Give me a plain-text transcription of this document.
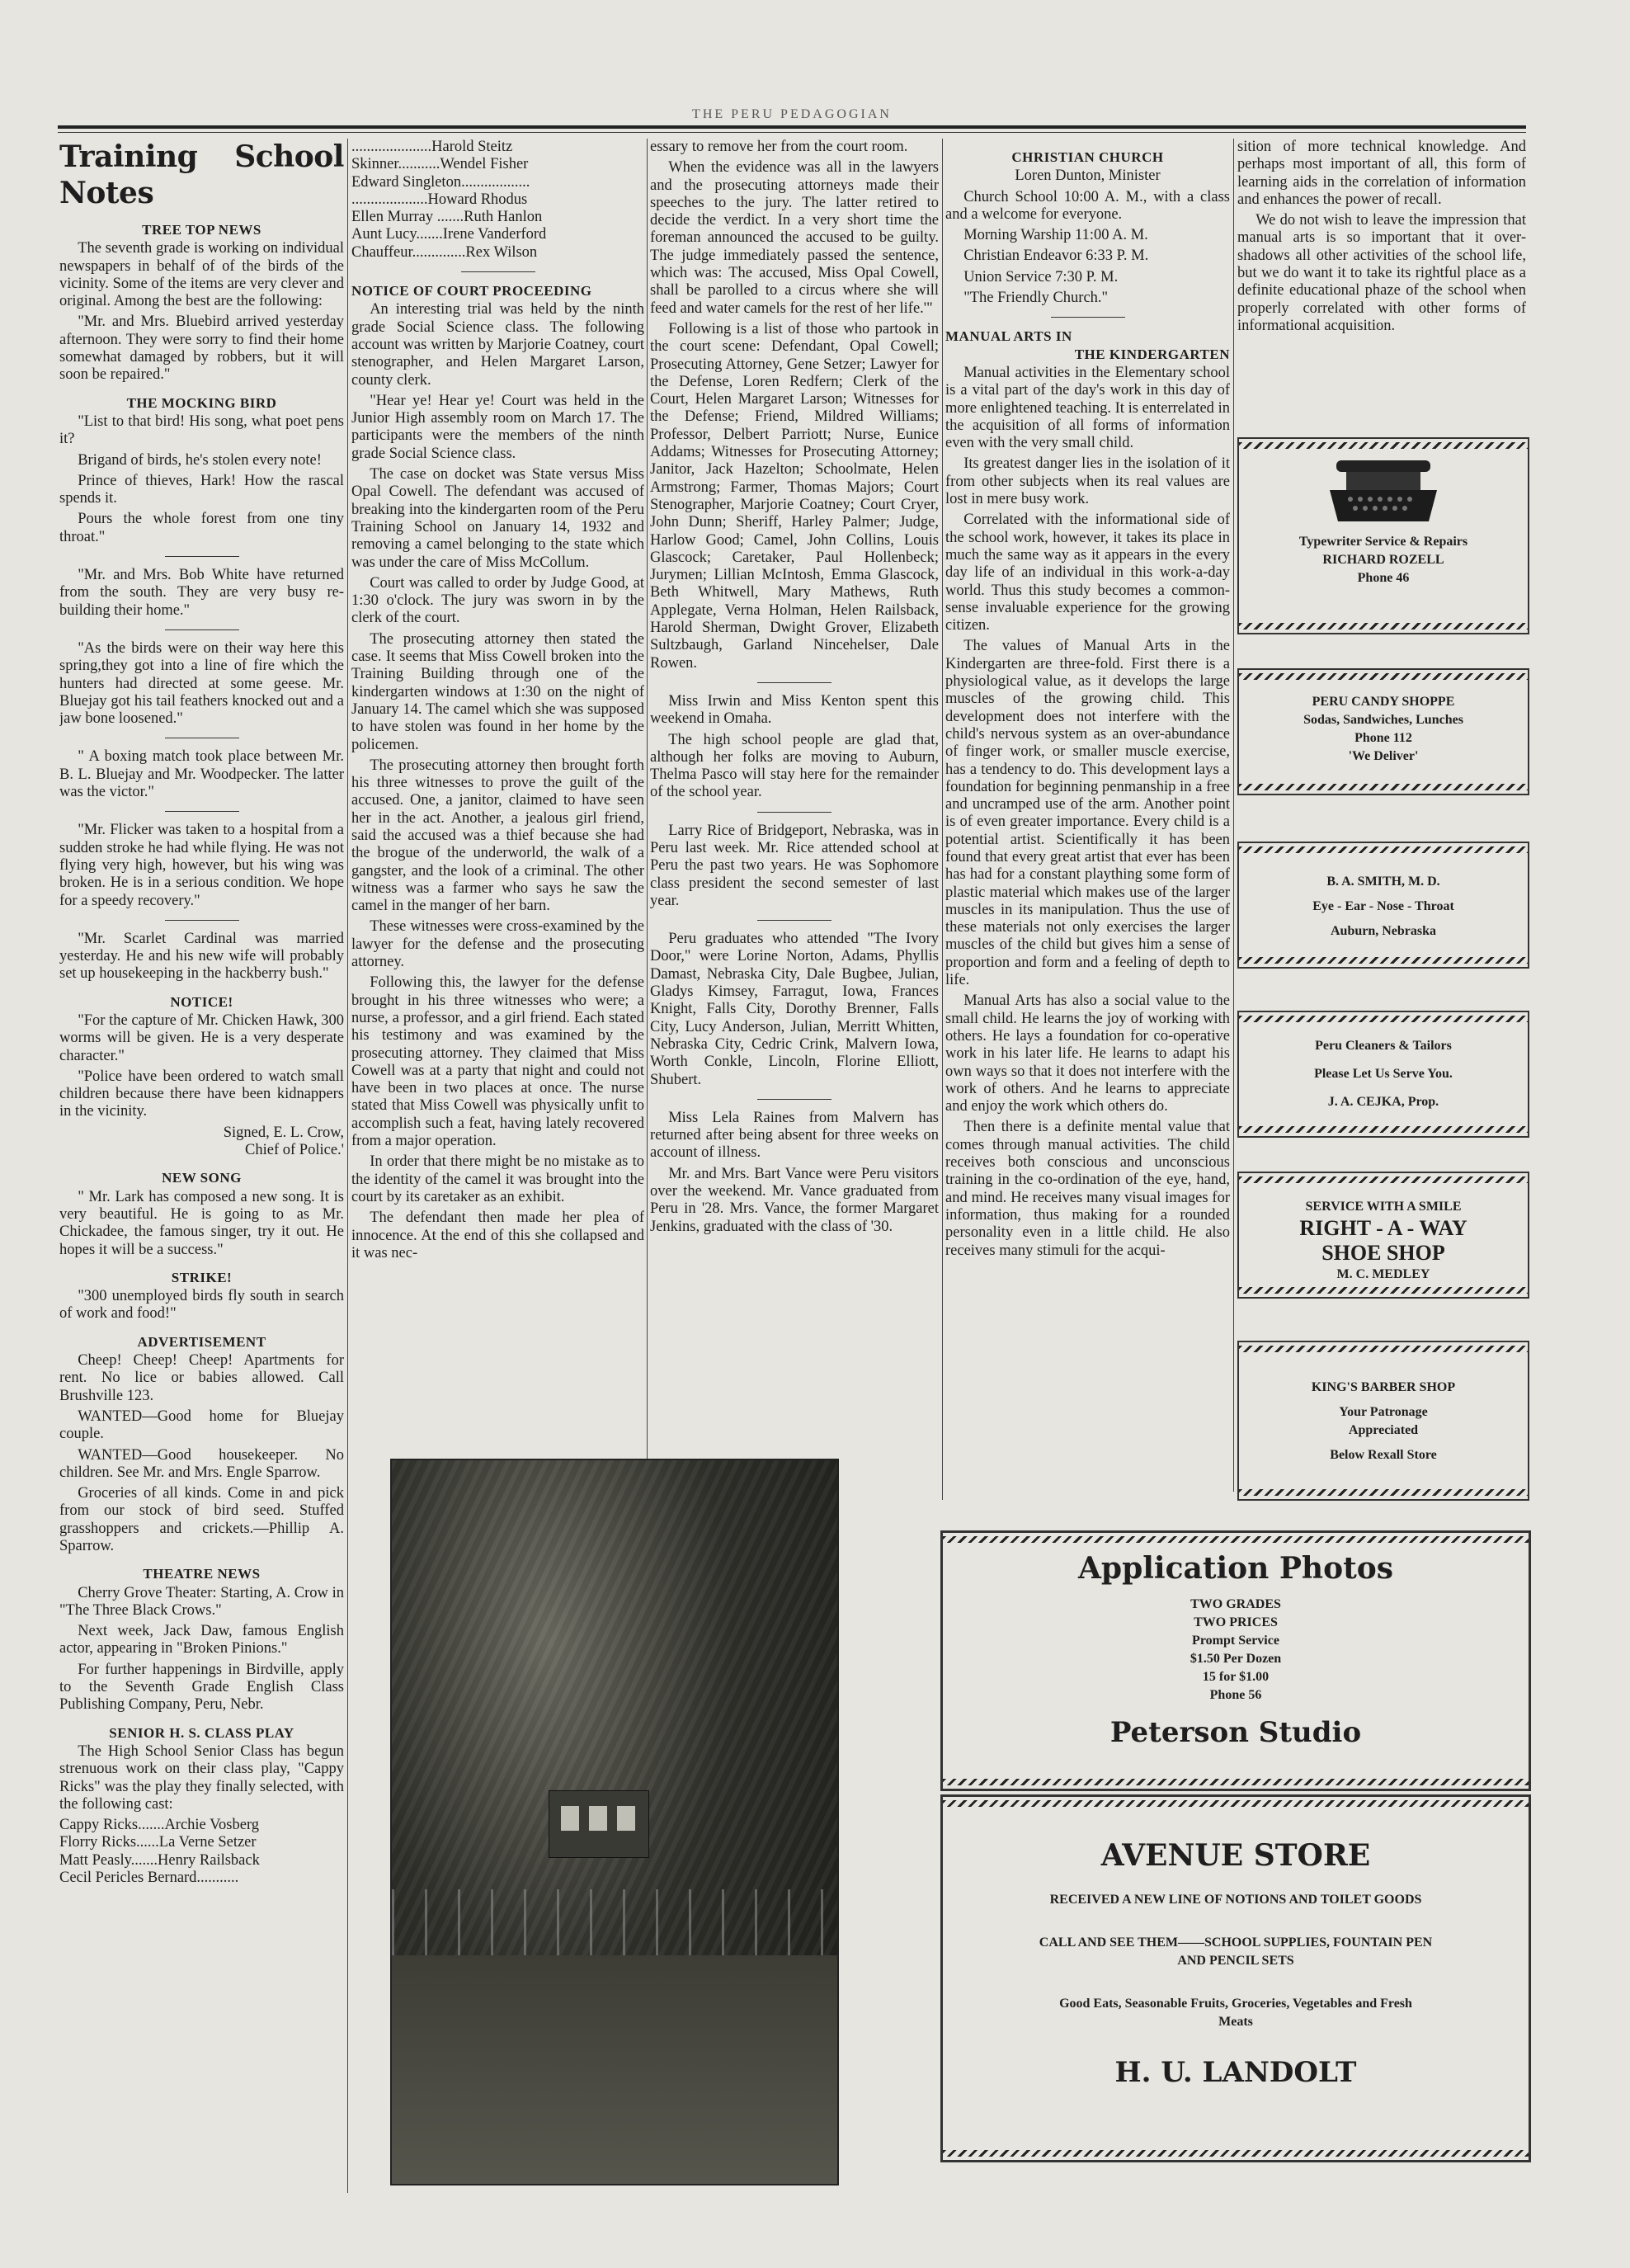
THE PERU PEDAGOGIAN
Training School Notes
TREE TOP NEWS

The seventh grade is working on individual newspapers in behalf of of the birds of the vicinity. Some of the items are very clever and original. Among the best are the following:

"Mr. and Mrs. Bluebird arrived yesterday afternoon. They were sorry to find their home somewhat damaged by robbers, but it will soon be repaired."

THE MOCKING BIRD

"List to that bird! His song, what poet pens it?

Brigand of birds, he's stolen every note!

Prince of thieves, Hark! How the rascal spends it.

Pours the whole forest from one tiny throat."

"Mr. and Mrs. Bob White have returned from the south. They are very busy re-building their home."

"As the birds were on their way here this spring,they got into a line of fire which the hunters had directed at some geese. Mr. Bluejay got his tail feathers knocked out and a jaw bone loosened."

" A boxing match took place between Mr. B. L. Bluejay and Mr. Woodpecker. The latter was the victor."

"Mr. Flicker was taken to a hospital from a sudden stroke he had while flying. He was not flying very high, however, but his wing was broken. He is in a serious condition. We hope for a speedy recovery."

"Mr. Scarlet Cardinal was married yesterday. He and his new wife will probably set up housekeeping in the hackberry bush."

NOTICE!

"For the capture of Mr. Chicken Hawk, 300 worms will be given. He is a very desperate character."

"Police have been ordered to watch small children because there have been kidnappers in the vicinity.

Signed, E. L. Crow,

Chief of Police.'

NEW SONG

" Mr. Lark has composed a new song. It is very beautiful. He is going to as Mr. Chickadee, the famous singer, try it out. He hopes it will be a success."

STRIKE!

"300 unemployed birds fly south in search of work and food!"

ADVERTISEMENT

Cheep! Cheep! Cheep! Apartments for rent. No lice or babies allowed. Call Brushville 123.

WANTED—Good home for Bluejay couple.

WANTED—Good housekeeper. No children. See Mr. and Mrs. Engle Sparrow.

Groceries of all kinds. Come in and pick from our stock of bird seed. Stuffed grasshoppers and crickets.—Phillip A. Sparrow.

THEATRE NEWS

Cherry Grove Theater: Starting, A. Crow in "The Three Black Crows."

Next week, Jack Daw, famous English actor, appearing in "Broken Pinions."

For further happenings in Birdville, apply to the Seventh Grade English Class Publishing Company, Peru, Nebr.

SENIOR H. S. CLASS PLAY

The High School Senior Class has begun strenuous work on their class play, "Cappy Ricks" was the play they finally selected, with the following cast:

Cappy Ricks.......Archie Vosberg

Florry Ricks......La Verne Setzer

Matt Peasly.......Henry Railsback

Cecil Pericles Bernard...........

.....................Harold Steitz

Skinner...........Wendel Fisher

Edward Singleton..................

....................Howard Rhodus

Ellen Murray .......Ruth Hanlon

Aunt Lucy.......Irene Vanderford

Chauffeur..............Rex Wilson

NOTICE OF COURT PROCEEDING

An interesting trial was held by the ninth grade Social Science class. The following account was written by Marjorie Coatney, court stenographer, and Helen Margaret Larson, county clerk.

"Hear ye! Hear ye! Court was held in the Junior High assembly room on March 17. The participants were the members of the ninth grade Social Science class.

The case on docket was State versus Miss Opal Cowell. The defendant was accused of breaking into the kindergarten room of the Peru Training School on January 14, 1932 and removing a camel belonging to the state which was under the care of Miss McCollum.

Court was called to order by Judge Good, at 1:30 o'clock. The jury was sworn in by the clerk of the court.

The prosecuting attorney then stated the case. It seems that Miss Cowell broken into the Training Building through one of the kindergarten windows at 1:30 on the night of January 14. The camel which she was supposed to have stolen was found in her home by the policemen.

The prosecuting attorney then brought forth his three witnesses to prove the guilt of the accused. One, a janitor, claimed to have seen her in the act. Another, a jealous girl friend, said the accused was a thief because she had the brogue of the underworld, the walk of a gangster, and the look of a criminal. The other witness was a farmer who says he saw the camel in the manger of her barn.

These witnesses were cross-examined by the lawyer for the defense and the prosecuting attorney.

Following this, the lawyer for the defense brought in his three witnesses who were; a nurse, a professor, and a girl friend. Each stated his testimony and was examined by the prosecuting attorney. They claimed that Miss Cowell was at a party that night and could not have been in two places at once. The nurse stated that Miss Cowell was physically unfit to accomplish such a feat, having lately recovered from a major operation.

In order that there might be no mistake as to the identity of the camel it was brought into the court by its caretaker as an exhibit.

The defendant then made her plea of innocence. At the end of this she collapsed and it was nec-

essary to remove her from the court room.

When the evidence was all in the lawyers and the prosecuting attorneys made their speeches to the jury. The latter retired to decide the verdict. In a very short time the foreman announced the accused to be guilty. The judge immediately passed the sentence, which was: The accused, Miss Opal Cowell, shall be parolled to a circus where she will feed and water camels for the rest of her life.'"

Following is a list of those who partook in the court scene: Defendant, Opal Cowell; Prosecuting Attorney, Gene Setzer; Lawyer for the Defense, Loren Redfern; Clerk of the Court, Helen Margaret Larson; Witnesses for the Defense; Friend, Mildred Williams; Professor, Delbert Parriott; Nurse, Eunice Addams; Witnesses for Prosecuting Attorney; Janitor, Jack Hazelton; Schoolmate, Helen Armstrong; Farmer, Thomas Majors; Court Stenographer, Marjorie Coatney; Court Cryer, John Dunn; Sheriff, Harley Palmer; Judge, Harlow Good; Camel, John Collins, Louis Glascock; Caretaker, Paul Hollenbeck; Jurymen; Lillian McIntosh, Emma Glascock, Beth Whitwell, Mary Mathews, Ruth Applegate, Verna Holman, Helen Railsback, Harold Sherman, Dwight Grover, Elizabeth Sultzbaugh, Garland Nincehelser, Dale Rowen.

Miss Irwin and Miss Kenton spent this weekend in Omaha.

The high school people are glad that, although her folks are moving to Auburn, Thelma Pasco will stay here for the remainder of the school year.

Larry Rice of Bridgeport, Nebraska, was in Peru last week. Mr. Rice attended school at Peru the past two years. He was Sophomore class president the second semester of last year.

Peru graduates who attended "The Ivory Door," were Lorine Norton, Adams, Phyllis Damast, Nebraska City, Dale Bugbee, Julian, Gladys Kimsey, Farragut, Iowa, Frances Knight, Falls City, Dorothy Brenner, Falls City, Lucy Anderson, Julian, Merritt Whitten, Nebraska City, Cedric Crink, Malvern Iowa, Worth Conkle, Lincoln, Florine Elliott, Shubert.

Miss Lela Raines from Malvern has returned after being absent for three weeks on account of illness.

Mr. and Mrs. Bart Vance were Peru visitors over the weekend. Mr. Vance graduated from Peru in '28. Mrs. Vance, the former Margaret Jenkins, graduated with the class of '30.

CHRISTIAN CHURCH

Loren Dunton, Minister

Church School 10:00 A. M., with a class and a welcome for everyone.

Morning Warship 11:00 A. M.

Christian Endeavor 6:33 P. M.

Union Service 7:30 P. M.

"The Friendly Church."

MANUAL ARTS IN
THE KINDERGARTEN

Manual activities in the Elementary school is a vital part of the day's work in this day of more enlightened teaching. It is enterrelated in the acquisition of all forms of information even with the very small child.

Its greatest danger lies in the isolation of it from other subjects when its real values are lost in mere busy work.

Correlated with the informational side of the school work, however, it takes its place in much the same way as it appears in the every day life of an individual in this work-a-day world. Thus this study becomes a common-sense invaluable experience for the growing citizen.

The values of Manual Arts in the Kindergarten are three-fold. First there is a physiological value, as it develops the large muscles of the growing child. This development does not interfere with the child's nervous system as an over-abundance of finger work, or smaller muscle exercise, has a tendency to do. This development lays a foundation for beginning penmanship in a free and uncramped use of the arm. Another point is of even greater importance. Every child is a potential artist. Scientifically it has been found that every great artist that ever has been has had for a constant plaything some form of plastic material which makes use of the larger muscles in its manipulation. Thus the use of these materials not only exercises the larger muscles of the child but gives him a sense of proportion and form and a feeling of depth to life.

Manual Arts has also a social value to the small child. He learns the joy of working with others. He lays a foundation for co-operative work in his later life. He learns to adapt his own ways so that it does not interfere with the work of others. And he learns to appreciate and enjoy the work which others do.

Then there is a definite mental value that comes through manual activities. The child receives both conscious and unconscious training in the co-ordination of the eye, hand, and mind. He receives many visual images for information, thus making for a rounded personality even in a little child. He also receives many stimuli for the acqui-

sition of more technical knowledge. And perhaps most important of all, this form of learning aids in the correlation of information and enhances the power of recall.

We do not wish to leave the impression that manual arts is so important that it over-shadows all other activities of the school life, but we do want it to take its rightful place as a definite educational phaze of the school when properly correlated with other forms of informational acquisition.

Typewriter Service & Repairs
RICHARD ROZELL
Phone 46
PERU CANDY SHOPPE
Sodas, Sandwiches, Lunches
Phone 112
'We Deliver'
B. A. SMITH, M. D.
Eye - Ear - Nose - Throat
Auburn, Nebraska
Peru Cleaners & Tailors
Please Let Us Serve You.
J. A. CEJKA, Prop.
SERVICE WITH A SMILE
RIGHT - A - WAY
SHOE SHOP
M. C. MEDLEY
KING'S BARBER SHOP
Your Patronage
Appreciated
Below Rexall Store
Application Photos
TWO GRADES
TWO PRICES
Prompt Service
$1.50 Per Dozen
15 for $1.00
Phone 56
Peterson Studio
AVENUE STORE
RECEIVED A NEW LINE OF NOTIONS AND TOILET GOODS
CALL AND SEE THEM——SCHOOL SUPPLIES, FOUNTAIN PEN AND PENCIL SETS
Good Eats, Seasonable Fruits, Groceries, Vegetables and Fresh Meats
H. U. LANDOLT
